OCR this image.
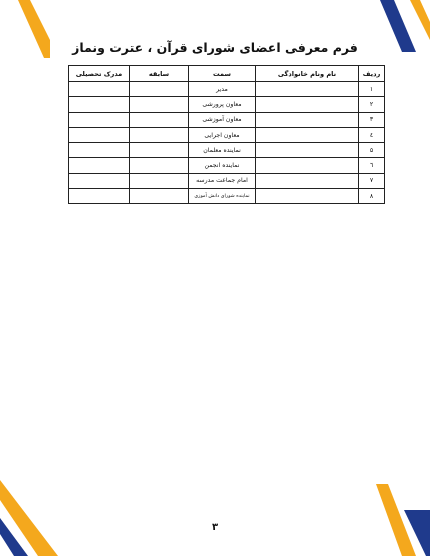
فرم معرفی اعضای شورای قرآن ، عترت ونماز
ردیف	نام ونام خانوادگی	سمت	سابقه	مدرک تحصیلی
۱		مدیر		
۲		معاون پرورشی		
۳		معاون آموزشی		
٤		معاون اجرایی		
۵		نماینده معلمان		
٦		نماینده انجمن		
۷		امام جماعت مدرسه		
۸		نماینده شورای دانش آموزی		
۳
